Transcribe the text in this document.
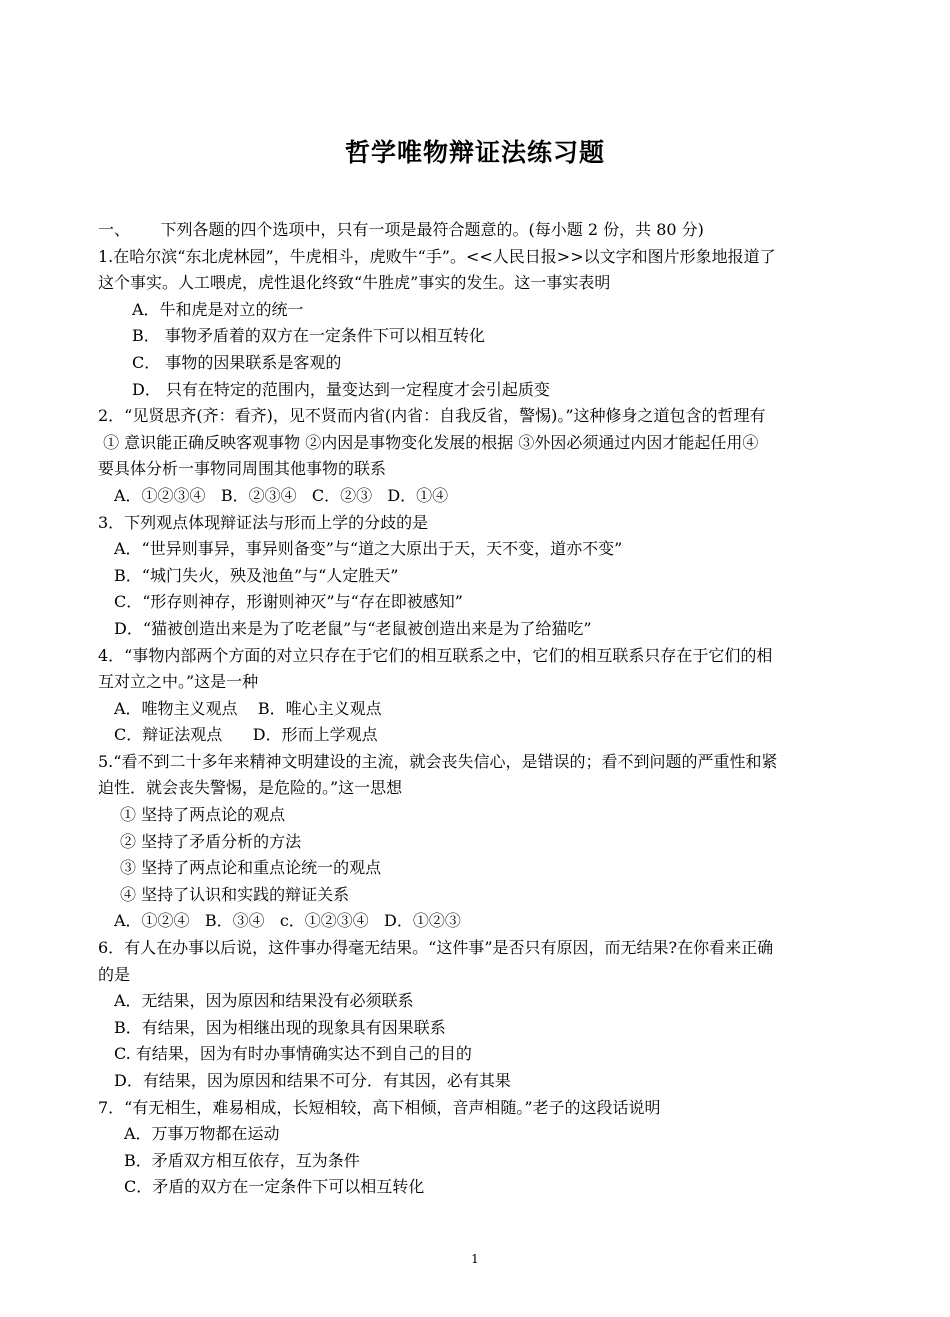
哲学唯物辩证法练习题
一、      下列各题的四个选项中，只有一项是最符合题意的。(每小题 2 份，共 80 分)
1.在哈尔滨“东北虎林园”，牛虎相斗，虎败牛“手”。<<人民日报>>以文字和图片形象地报道了
这个事实。人工喂虎，虎性退化终致“牛胜虎”事实的发生。这一事实表明
A．牛和虎是对立的统一
B． 事物矛盾着的双方在一定条件下可以相互转化
C． 事物的因果联系是客观的
D． 只有在特定的范围内，量变达到一定程度才会引起质变
2．“见贤思齐(齐：看齐)，见不贤而内省(内省：自我反省，警惕)。”这种修身之道包含的哲理有
① 意识能正确反映客观事物 ②内因是事物变化发展的根据 ③外因必须通过内因才能起任用④
要具体分析一事物同周围其他事物的联系
A．①②③④   B．②③④   C．②③   D．①④
3．下列观点体现辩证法与形而上学的分歧的是
A．“世异则事异，事异则备变”与“道之大原出于天，天不变，道亦不变”
B．“城门失火，殃及池鱼”与“人定胜天”
C．“形存则神存，形谢则神灭”与“存在即被感知”
D．“猫被创造出来是为了吃老鼠”与“老鼠被创造出来是为了给猫吃”
4．“事物内部两个方面的对立只存在于它们的相互联系之中，它们的相互联系只存在于它们的相
互对立之中。”这是一种
A．唯物主义观点    B．唯心主义观点
C．辩证法观点      D．形而上学观点
5.“看不到二十多年来精神文明建设的主流，就会丧失信心，是错误的；看不到问题的严重性和紧
迫性．就会丧失警惕，是危险的。”这一思想
① 坚持了两点论的观点
② 坚持了矛盾分析的方法
③ 坚持了两点论和重点论统一的观点
④ 坚持了认识和实践的辩证关系
A．①②④   B．③④   c．①②③④   D．①②③
6．有人在办事以后说，这件事办得毫无结果。“这件事”是否只有原因，而无结果?在你看来正确
的是
A．无结果，因为原因和结果没有必须联系
B．有结果，因为相继出现的现象具有因果联系
C. 有结果，因为有时办事情确实达不到自己的目的
D．有结果，因为原因和结果不可分．有其因，必有其果
7．“有无相生，难易相成，长短相较，高下相倾，音声相随。”老子的这段话说明
A．万事万物都在运动
B．矛盾双方相互依存，互为条件
C．矛盾的双方在一定条件下可以相互转化
1
